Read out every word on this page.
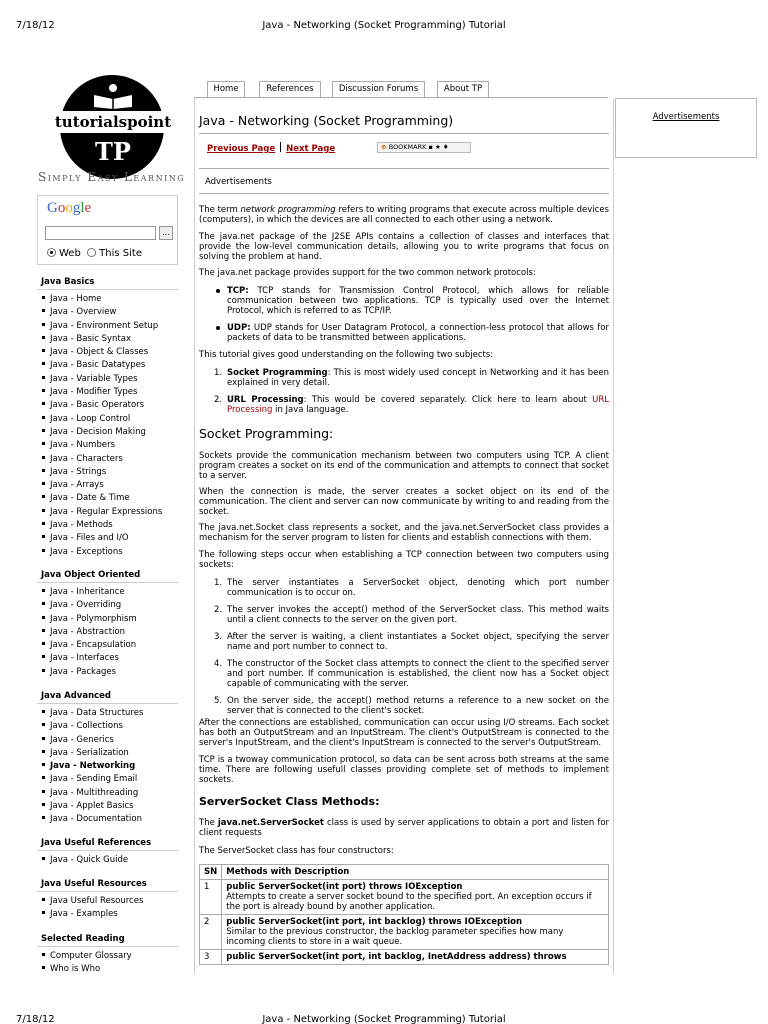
7/18/12	Java - Networking (Socket Programming) Tutorial
7/18/12	Java - Networking (Socket Programming) Tutorial
tutorialspoint
TP
Simply Easy Learning
Google
...
Web This Site
Java Basics
Java - Home
Java - Overview
Java - Environment Setup
Java - Basic Syntax
Java - Object & Classes
Java - Basic Datatypes
Java - Variable Types
Java - Modifier Types
Java - Basic Operators
Java - Loop Control
Java - Decision Making
Java - Numbers
Java - Characters
Java - Strings
Java - Arrays
Java - Date & Time
Java - Regular Expressions
Java - Methods
Java - Files and I/O
Java - Exceptions
Java Object Oriented
Java - Inheritance
Java - Overriding
Java - Polymorphism
Java - Abstraction
Java - Encapsulation
Java - Interfaces
Java - Packages
Java Advanced
Java - Data Structures
Java - Collections
Java - Generics
Java - Serialization
Java - Networking
Java - Sending Email
Java - Multithreading
Java - Applet Basics
Java - Documentation
Java Useful References
Java - Quick Guide
Java Useful Resources
Java Useful Resources
Java - Examples
Selected Reading
Computer Glossary
Who is Who
Home	References	Discussion Forums	About TP
Advertisements
Java - Networking (Socket Programming)
Previous Page Next Page	⊕ BOOKMARK ▪ ★ ♦
Advertisements
The term network programming refers to writing programs that execute across multiple devices (computers), in which the devices are all connected to each other using a network.
The java.net package of the J2SE APIs contains a collection of classes and interfaces that provide the low-level communication details, allowing you to write programs that focus on solving the problem at hand.
The java.net package provides support for the two common network protocols:
TCP: TCP stands for Transmission Control Protocol, which allows for reliable communication between two applications. TCP is typically used over the Internet Protocol, which is referred to as TCP/IP.
UDP: UDP stands for User Datagram Protocol, a connection-less protocol that allows for packets of data to be transmitted between applications.
This tutorial gives good understanding on the following two subjects:
1. Socket Programming: This is most widely used concept in Networking and it has been explained in very detail.
2. URL Processing: This would be covered separately. Click here to learn about URL Processing in Java language.
Socket Programming:
Sockets provide the communication mechanism between two computers using TCP. A client program creates a socket on its end of the communication and attempts to connect that socket to a server.
When the connection is made, the server creates a socket object on its end of the communication. The client and server can now communicate by writing to and reading from the socket.
The java.net.Socket class represents a socket, and the java.net.ServerSocket class provides a mechanism for the server program to listen for clients and establish connections with them.
The following steps occur when establishing a TCP connection between two computers using sockets:
1. The server instantiates a ServerSocket object, denoting which port number communication is to occur on.
2. The server invokes the accept() method of the ServerSocket class. This method waits until a client connects to the server on the given port.
3. After the server is waiting, a client instantiates a Socket object, specifying the server name and port number to connect to.
4. The constructor of the Socket class attempts to connect the client to the specified server and port number. If communication is established, the client now has a Socket object capable of communicating with the server.
5. On the server side, the accept() method returns a reference to a new socket on the server that is connected to the client's socket.
After the connections are established, communication can occur using I/O streams. Each socket has both an OutputStream and an InputStream. The client's OutputStream is connected to the server's InputStream, and the client's InputStream is connected to the server's OutputStream.
TCP is a twoway communication protocol, so data can be sent across both streams at the same time. There are following usefull classes providing complete set of methods to implement sockets.
ServerSocket Class Methods:
The java.net.ServerSocket class is used by server applications to obtain a port and listen for client requests
The ServerSocket class has four constructors:
SN	Methods with Description
1	public ServerSocket(int port) throws IOException
Attempts to create a server socket bound to the specified port. An exception occurs if the port is already bound by another application.

2	public ServerSocket(int port, int backlog) throws IOException
Similar to the previous constructor, the backlog parameter specifies how many incoming clients to store in a wait queue.

3	public ServerSocket(int port, int backlog, InetAddress address) throws
